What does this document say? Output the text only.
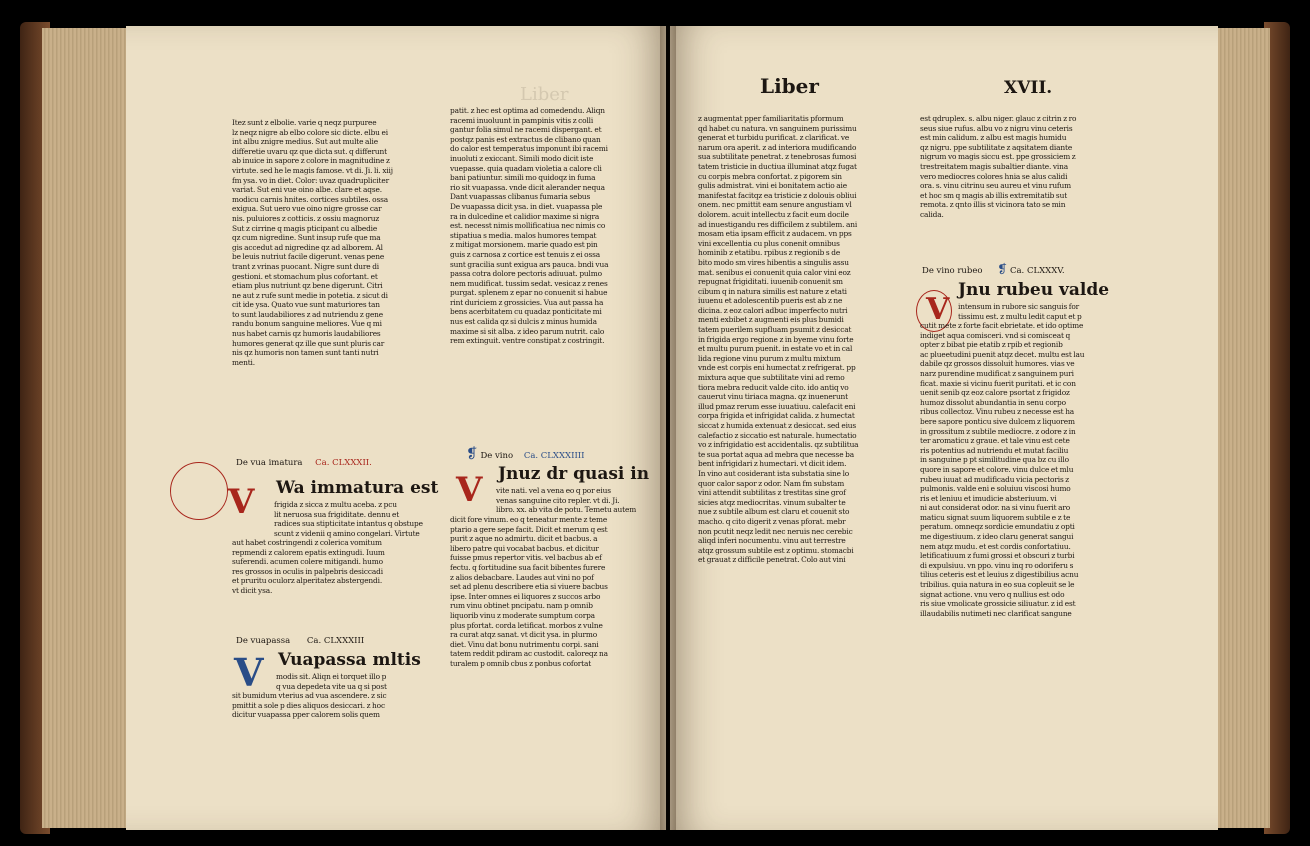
Liber	Liber	XVII.

Itez sunt z elbolie. varie q neqz purpuree

lz neqz nigre ab elbo colore sic dicte. elbu ei

int albu znigre medius. Sut aut multe alie

differetie uvaru qz que dicta sut. q differunt

ab inuice in sapore z colore in magnitudine z

virtute. sed he le magis famose. vt di. Ji. li. xiij

fm ysa. vo in diet. Color: uvaz quadrupliciter

variat. Sut eni vue oino albe. clare et aqse.

modicu carnis hnites. cortices subtiles. ossa

exigua. Sut uero vue oino nigre grosse car

nis. puluiores z cotticis. z ossiu magnoruz

Sut z cirrine q magis pticipant cu albedie

qz cum nigredine. Sunt insup rufe que ma

gis accedut ad nigredine qz ad alborem. Al

be leuis nutriut facile digerunt. venas pene

trant z vrinas puocant. Nigre sunt dure di

gestioni. et stomachum plus cofortant. et

etiam plus nutriunt qz bene digerunt. Citri

ne aut z rufe sunt medie in potetia. z sicut di

cit ide ysa. Quato vue sunt maturiores tan

to sunt laudabiliores z ad nutriendu z gene

randu bonum sanguine meliores. Vue q mi

nus habet carnis qz humoris laudabiliores

humores generat qz ille que sunt pluris car

nis qz humoris non tamen sunt tanti nutri

menti.

De vua imatura Ca. CLXXXII.
V Wa immatura est

frigida z sicca z multu aceba. z pcu

lit neruosa sua frigiditate. dennu et

radices sua stipticitate intantus q obstupe

scunt z videnii q amino congelari. Virtute

aut habet costringendi z colerica vomitum

repmendi z calorem epatis extingudi. Iuum

suferendi. acumen colere mitigandi. humo

res grossos in oculis in palpebris desiccadi

et pruritu oculorz alperitatez abstergendi.

vt dicit ysa.

De vuapassa Ca. CLXXXIII
V Vuapassa mltis

modis sit. Aliqn ei torquet illo p

q vua depedeta vite ua q si post

sit bumidum vterius ad vua ascendere. z sic

pmittit a sole p dies aliquos desiccari. z hoc

dicitur vuapassa pper calorem solis quem

patit. z hec est optima ad comedendu. Aliqn

racemi inuoluunt in pampinis vitis z colli

gantur folia simul ne racemi dispergant. et

postqz panis est extractus de clibano quan

do calor est temperatus imponunt ibi racemi

inuoluti z exiccant. Simili modo dicit iste

vuepasse. quia quadam violetia a calore cli

bani patiuntur. simili mo quidoqz in fuma

rio sit vuapassa. vnde dicit alerander nequa

Dant vuapassas clibanus fumaria sebus

De vuapassa dicit ysa. in diet. vuapassa ple

ra in dulcedine et calidior maxime si nigra

est. necesst nimis mollificatiua nec nimis co

stipatiua s media. malos humores tempat

z mitigat morsionem. marie quado est pin

guis z carnosa z cortice est tenuis z ei ossa

sunt gracilia sunt exigua ars pauca. bndi vua

passa cotra dolore pectoris adiuuat. pulmo

nem mudificat. tussim sedat. vesicaz z renes

purgat. splenem z epar no conuenit si habue

rint duriciem z grossicies. Vua aut passa ha

bens acerbitatem cu quadaz ponticitate mi

nus est calida qz si dulcis z minus humida

maxime si sit alba. z ideo parum nutrit. calo

rem extinguit. ventre constipat z costringit.

❡ De vino Ca. CLXXXIIII
V Jnuz dr quasi in

vite nati. vel a vena eo q por eius

venas sanguine cito repler. vt di. Ji.

libro. xx. ab vita de potu. Temetu autem

dicit fore vinum. eo q teneatur mente z teme

ptario a gere sepe facit. Dicit et merum q est

purit z aque no admirtu. dicit et bacbus. a

libero patre qui vocabat bacbus. et dicitur

fuisse pmus repertor vitis. vel bacbus ab ef

fectu. q fortitudine sua facit bibentes furere

z alios debacbare. Laudes aut vini no pof

set ad plenu describere etia si viuere bacbus

ipse. Inter omnes ei liquores z succos arbo

rum vinu obtinet pncipatu. nam p omnib

liquorib vinu z moderate sumptum corpa

plus pfortat. corda letificat. morbos z vulne

ra curat atqz sanat. vt dicit ysa. in plurmo

diet. Vinu dat bonu nutrimentu corpi. sani

tatem reddit pdiram ac custodit. caloreqz na

turalem p omnib cbus z ponbus cofortat

z augmentat pper familiaritatis pformum

qd habet cu natura. vn sanguinem purissimu

generat et turbidu purificat. z clarificat. ve

narum ora aperit. z ad interiora mudificando

sua subtilitate penetrat. z tenebrosas fumosi

tatem tristicie in ductiua illuminat atqz fugat

cu corpis mebra confortat. z pigorem sin

gulis admistrat. vini ei bonitatem actio aie

manifestat facitqz ea tristicie z dolouis obliui

onem. nec pmittit eam senure angustiam vl

dolorem. acuit intellectu z facit eum docile

ad inuestigandu res difficilem z subtilem. ani

mosam etia ipsam efficit z audacem. vn pps

vini excellentia cu plus conenit omnibus

hominib z etatibu. rpibus z regionib s de

bito modo sm vires hibentis a singulis assu

mat. senibus ei conuenit quia calor vini eoz

repugnat frigiditati. iuuenib conuenit sm

cibum q in natura similis est nature z etati

iuuenu et adolescentib pueris est ab z ne

dicina. z eoz calori adbuc imperfecto nutri

menti exbibet z augmenti eis plus bumidi

tatem puerilem supfluam psumit z desiccat

in frigida ergo regione z in byeme vinu forte

et multu purum puenit. in estate vo et in cal

lida regione vinu purum z multu mixtum

vnde est corpis eni humectat z refrigerat. pp

mixtura aque que subtilitate vini ad remo

tiora mebra reducit valde cito. ido antiq vo

cauerut vinu tiriaca magna. qz inuenerunt

illud pmaz rerum esse iuuatiuu. calefacit eni

corpa frigida et infrigidat calida. z humectat

siccat z humida extenuat z desiccat. sed eius

calefactio z siccatio est naturale. humectatio

vo z infrigidatio est accidentalis. qz subtilitua

te sua portat aqua ad mebra que necesse ba

bent infrigidari z humectari. vt dicit idem.

In vino aut cosiderant ista substatia sine lo

quor calor sapor z odor. Nam fm substam

vini attendit subtilitas z trestitas sine grof

sicies atqz mediocritas. vinum subalter te

nue z subtile album est claru et couenit sto

macho. q cito digerit z venas pforat. mebr

non pcutit neqz ledit nec neruis nec cerebic

aliqd inferi nocumentu. vinu aut terrestre

atqz grossum subtile est z optimu. stomacbi

et grauat z difficile penetrat. Colo aut vini

est qdruplex. s. albu niger. glauc z citrin z ro

seus siue rufus. albu vo z nigru vinu ceteris

est min calidum. z albu est magis humidu

qz nigru. ppe subtilitate z aqsitatem diante

nigrum vo magis siccu est. ppe grossiciem z

trestreitatem magis subaltier diante. vina

vero mediocres colores hnia se alus calidi

ora. s. vinu citrinu seu aureu et vinu rufum

et hoc sm q magis ab illis extremitatib sut

remota. z qnto illis st vicinora tato se min

calida.

De vino rubeo ❡ Ca. CLXXXV.
V
Jnu rubeu valde

intensum in rubore sic sanguis for

tissimu est. z multu ledit caput et p

cutit mete z forte facit ebrietate. et ido optime

indiget aqua comisceri. vnd si comisceat q

opter z bibat pie etatib z rpib et regionib

ac plueetudini puenit atqz decet. multu est lau

dabile qz grossos dissoluit humores. vias ve

narz purendine mudificat z sanguinem puri

ficat. maxie si vicinu fuerit puritati. et ic con

uenit senib qz eoz calore psortat z frigidoz

humoz dissolut abundantia in senu corpo

ribus collectoz. Vinu rubeu z necesse est ha

bere sapore ponticu sive dulcem z liquorem

in grossitum z subtile mediocre. z odore z in

ter aromaticu z graue. et tale vinu est cete

ris potentius ad nutriendu et mutat faciliu

in sanguine p pt similitudine qua bz cu illo

quore in sapore et colore. vinu dulce et mlu

rubeu iuuat ad mudificadu vicia pectoris z

pulmonis. valde eni e soluiuu viscosi humo

ris et leniuu et imudicie absteriuum. vi

ni aut considerat odor. na si vinu fuerit aro

maticu signat suum liquorem subtile e z te

peratum. omneqz sordicie emundatiu z opti

me digestiuum. z ideo claru generat sangui

nem atqz mudu. et est cordis confortatiuu.

letificatiuum z fumi grossi et obscuri z turbi

di expulsiuu. vn ppo. vinu inq ro odoriferu s

tilius ceteris est et leuius z digestibilius acnu

tribilius. quia natura in eo sua copleuit se le

signat actione. vnu vero q nullius est odo

ris siue vmolicate grossicie siliuatur. z id est

illaudabilis nutimeti nec clarificat sangune
